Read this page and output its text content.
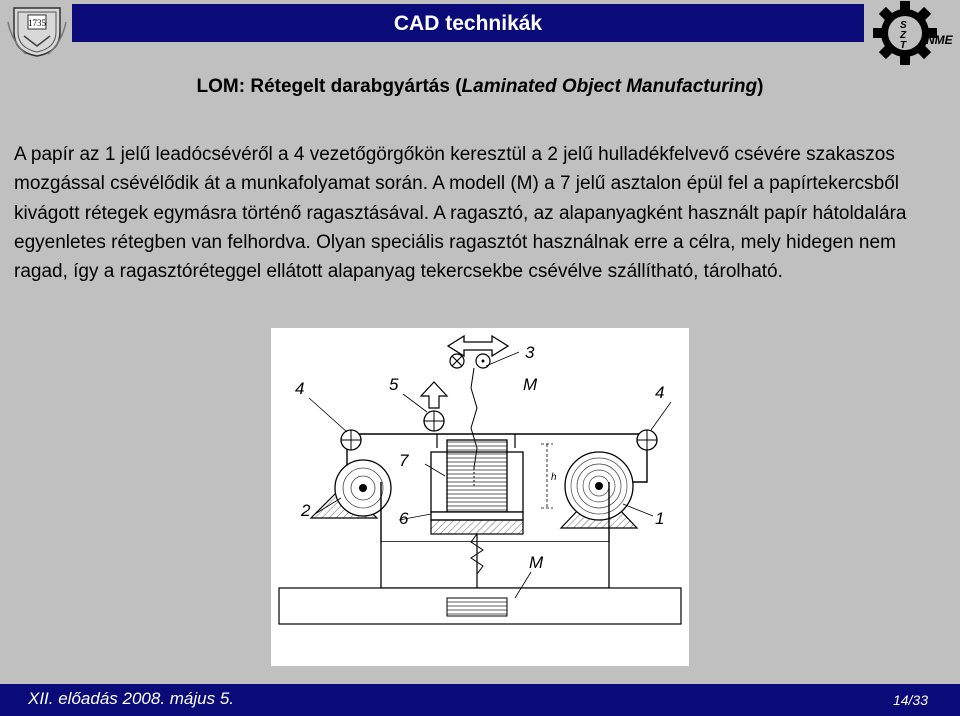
1735	CAD technikák	S
Z
T NME
LOM: Rétegelt darabgyártás (Laminated Object Manufacturing)

A papír az 1 jelű leadócsévéről a 4 vezetőgörgőkön keresztül a 2 jelű hulladékfelvevő csévére szakaszos mozgással csévélődik át a munkafolyamat során. A modell (M) a 7 jelű asztalon épül fel a papírtekercsből kivágott rétegek egymásra történő ragasztásával. A ragasztó, az alapanyagként használt papír hátoldalára egyenletes rétegben van felhordva. Olyan speciális ragasztót használnak erre a célra, mely hidegen nem ragad, így a ragasztóréteggel ellátott alapanyag tekercsekbe csévélve szállítható, tárolható.

3
M
4	5	4
7
2	6	1
M
h
XII. előadás 2008. május 5.	14/33
